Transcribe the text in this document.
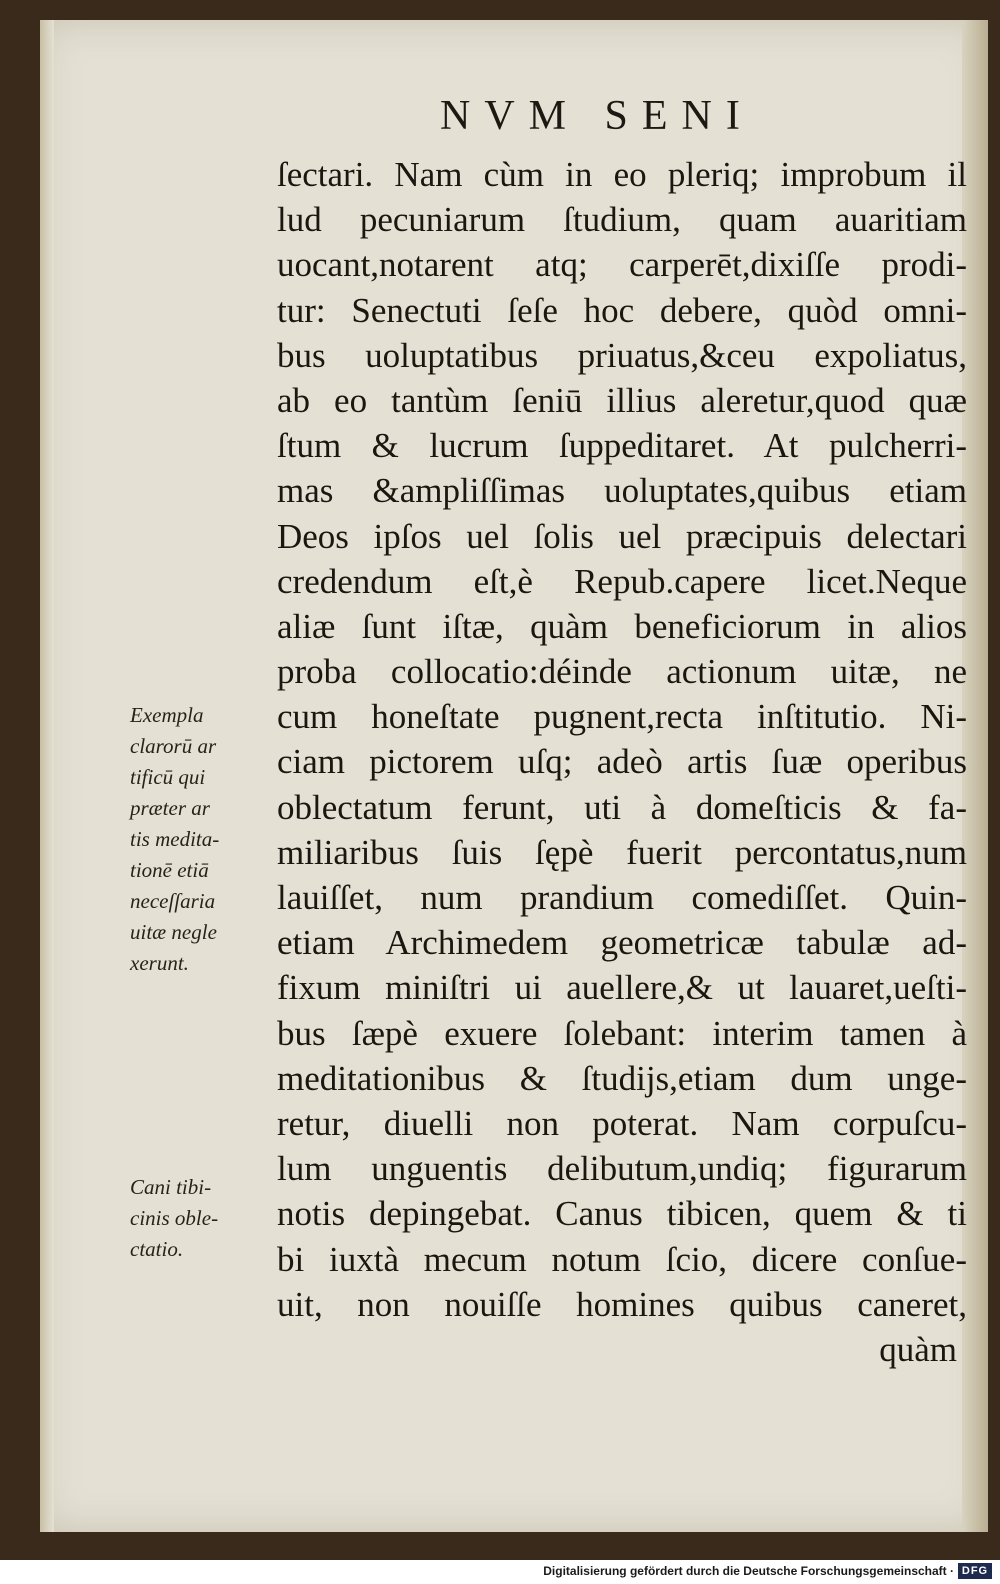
NVM SENI
ſectari. Nam cùm in eo pleriq; improbum il
lud pecuniarum ſtudium, quam auaritiam
uocant,notarent atq; carperēt,dixiſſe prodi-
tur: Senectuti ſeſe hoc debere, quòd omni-
bus uoluptatibus priuatus,&ceu expoliatus,
ab eo tantùm ſeniū illius aleretur,quod quæ
ſtum & lucrum ſuppeditaret. At pulcherri-
mas &ampliſſimas uoluptates,quibus etiam
Deos ipſos uel ſolis uel præcipuis delectari
credendum eſt,è Repub.capere licet.Neque
aliæ ſunt iſtæ, quàm beneficiorum in alios
proba collocatio:déinde actionum uitæ, ne
cum honeſtate pugnent,recta inſtitutio. Ni-
ciam pictorem uſq; adeò artis ſuæ operibus
oblectatum ferunt, uti à domeſticis & fa-
miliaribus ſuis ſępè fuerit percontatus,num
lauiſſet, num prandium comediſſet. Quin-
etiam Archimedem geometricæ tabulæ ad-
fixum miniſtri ui auellere,& ut lauaret,ueſti-
bus ſæpè exuere ſolebant: interim tamen à
meditationibus & ſtudijs,etiam dum unge-
retur, diuelli non poterat. Nam corpuſcu-
lum unguentis delibutum,undiq; figurarum
notis depingebat. Canus tibicen, quem & ti
bi iuxtà mecum notum ſcio, dicere conſue-
uit, non nouiſſe homines quibus caneret,
quàm
Exempla
clarorū ar
tificū qui
præter ar
tis medita-
tionē etiā
neceſſaria
uitæ negle
xerunt.
Cani tibi-
cinis oble-
ctatio.
Digitalisierung gefördert durch die Deutsche Forschungsgemeinschaft · DFG
